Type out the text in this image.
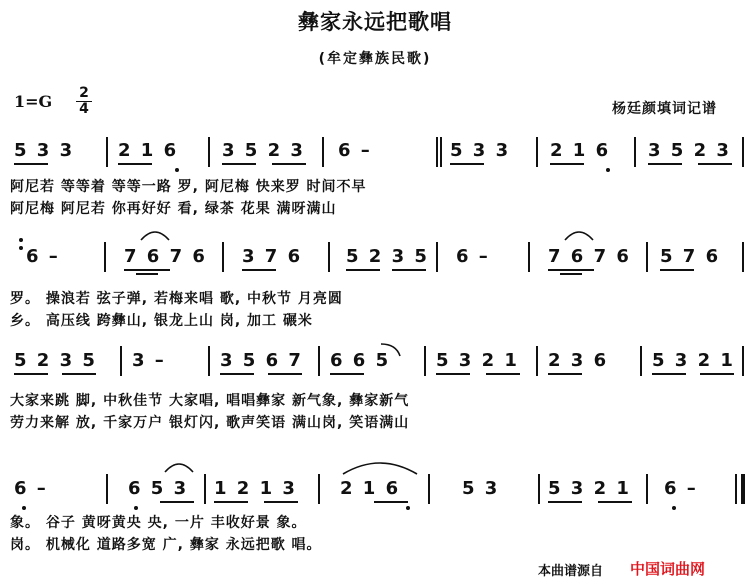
彝家永远把歌唱
(牟定彝族民歌)
1=G 2
4	杨廷颜填词记谱
5 3 3 2 1 6 3 5 2 3 6 –	5 3 3 2 1 6 3 5 2 3
阿尼若 等等着 等等一路 罗, 阿尼梅 快来罗 时间不早
阿尼梅 阿尼若 你再好好 看, 绿茶 花果 满呀满山
6 –	7 6 7 6 3 7 6 5 2 3 5 6 –	7 6 7 6 5 7 6
罗。 操浪若 弦子弹, 若梅来唱 歌, 中秋节 月亮圆
乡。 高压线 跨彝山, 银龙上山 岗, 加工 碾米
5 2 3 5 3 –	3 5 6 7 6 6 5	5 3 2 1 2 3 6 5 3 2 1
大家来跳 脚, 中秋佳节 大家唱, 唱唱彝家 新气象, 彝家新气
劳力来解 放, 千家万户 银灯闪, 歌声笑语 满山岗, 笑语满山
6 –	6 5 3 1 2 1 3 2 1 6	5 3	5 3 2 1 6 –
象。 谷子 黄呀黄央 央, 一片 丰收好景 象。
岗。 机械化 道路多宽 广, 彝家 永远把歌 唱。
本曲谱源自 中国词曲网
